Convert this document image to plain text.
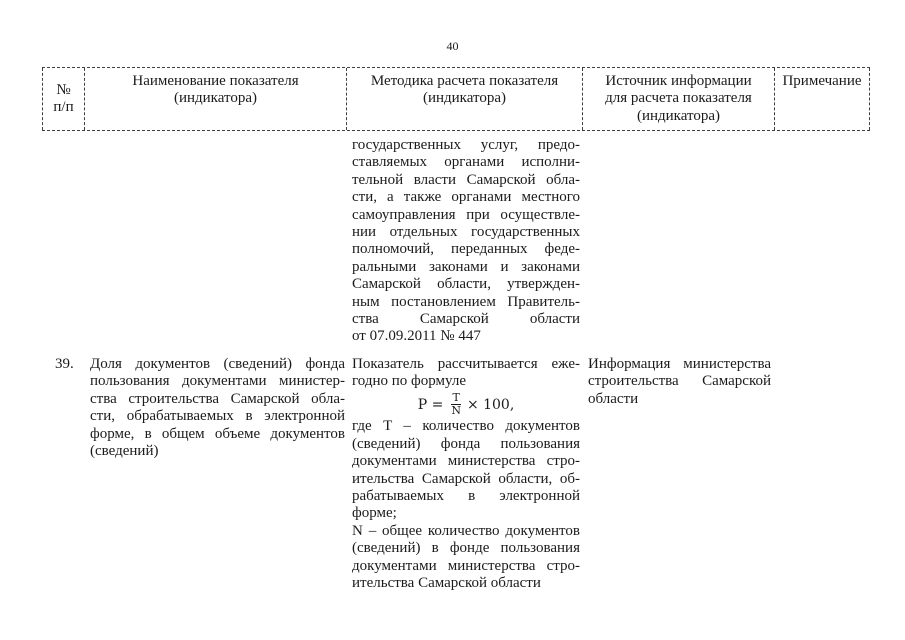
40
№
п/п
Наименование показателя
(индикатора)
Методика расчета показателя
(индикатора)
Источник информации
для расчета показателя
(индикатора)
Примечание
государственных услуг, предо-
ставляемых органами исполни-
тельной власти Самарской обла-
сти, а также органами местного
самоуправления при осуществле-
нии отдельных государственных
полномочий, переданных феде-
ральными законами и законами
Самарской области, утвержден-
ным постановлением Правитель-
ства Самарской области
от 07.09.2011 № 447
39. Доля документов (сведений) фонда
пользования документами министер-
ства строительства Самарской обла-
сти, обрабатываемых в электронной
форме, в общем объеме документов
(сведений)
Показатель рассчитывается еже-
годно по формуле
$P = \frac{T}{N} \times 100$,
где T – количество документов
(сведений) фонда пользования
документами министерства стро-
ительства Самарской области, об-
рабатываемых в электронной
форме;
N – общее количество документов
(сведений) в фонде пользования
документами министерства стро-
ительства Самарской области
Информация министерства
строительства Самарской
области
